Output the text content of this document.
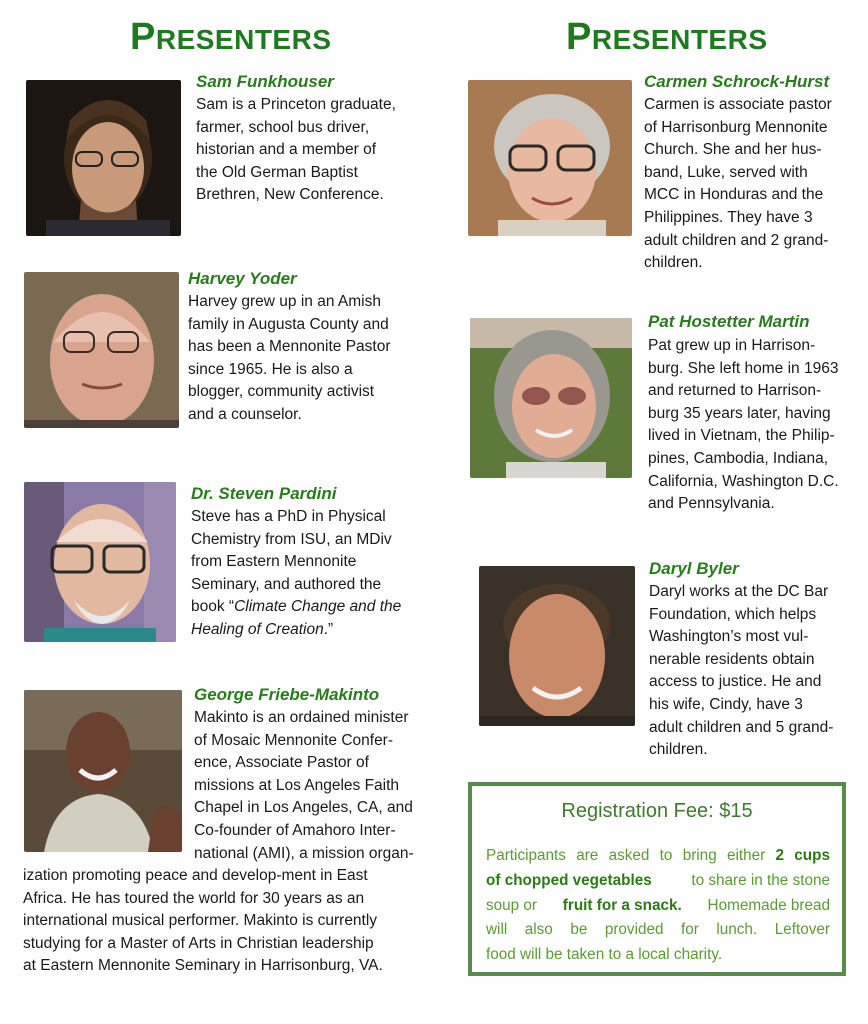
PRESENTERS	PRESENTERS
Sam Funkhouser
Sam is a Princeton graduate,
farmer, school bus driver,
historian and a member of
the Old German Baptist
Brethren, New Conference.
Harvey Yoder
Harvey grew up in an Amish
family in Augusta County and
has been a Mennonite Pastor
since 1965. He is also a
blogger, community activist
and a counselor.
Dr. Steven Pardini
Steve has a PhD in Physical
Chemistry from ISU, an MDiv
from Eastern Mennonite
Seminary, and authored the
book “Climate Change and the
Healing of Creation.”
George Friebe-Makinto
Makinto is an ordained minister
of Mosaic Mennonite Confer-
ence, Associate Pastor of
missions at Los Angeles Faith
Chapel in Los Angeles, CA, and
Co-founder of Amahoro Inter-
national (AMI), a mission organ-
ization promoting peace and develop-ment in East
Africa. He has toured the world for 30 years as an
international musical performer. Makinto is currently
studying for a Master of Arts in Christian leadership
at Eastern Mennonite Seminary in Harrisonburg, VA.
Carmen Schrock-Hurst
Carmen is associate pastor
of Harrisonburg Mennonite
Church. She and her hus-
band, Luke, served with
MCC in Honduras and the
Philippines. They have 3
adult children and 2 grand-
children.
Pat Hostetter Martin
Pat grew up in Harrison-
burg. She left home in 1963
and returned to Harrison-
burg 35 years later, having
lived in Vietnam, the Philip-
pines, Cambodia, Indiana,
California, Washington D.C.
and Pennsylvania.
Daryl Byler
Daryl works at the DC Bar
Foundation, which helps
Washington’s most vul-
nerable residents obtain
access to justice. He and
his wife, Cindy, have 3
adult children and 5 grand-
children.
Registration Fee: $15
Participants are asked to bring either 2 cups
of chopped vegetables	to share in the stone
soup or fruit for a snack. Homemade bread
will also be provided for lunch. Leftover
food will be taken to a local charity.
